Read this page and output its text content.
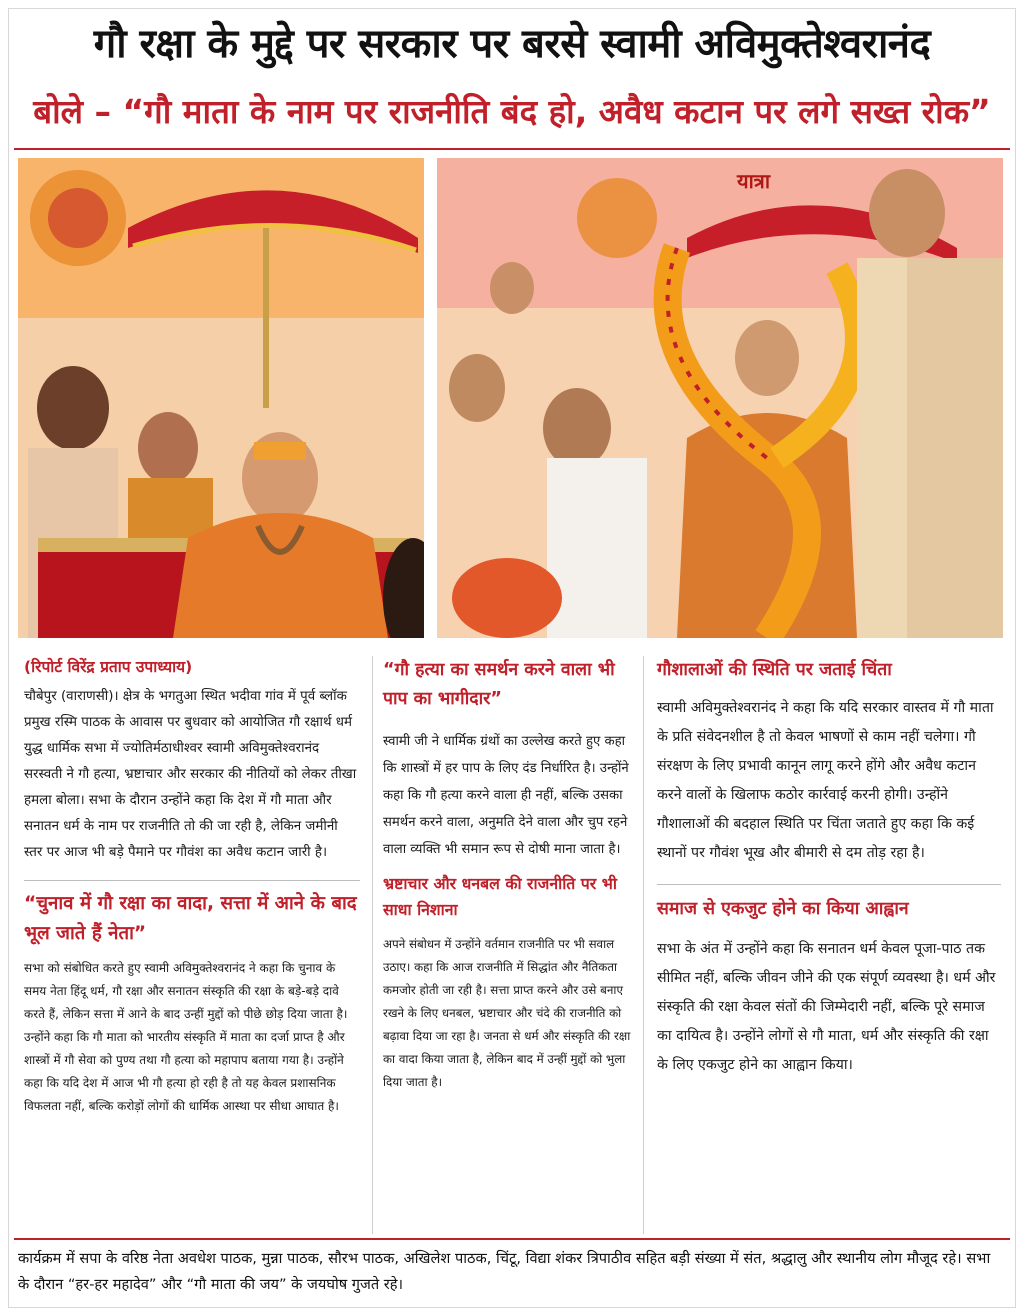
गौ रक्षा के मुद्दे पर सरकार पर बरसे स्वामी अविमुक्तेश्वरानंद
बोले – “गौ माता के नाम पर राजनीति बंद हो, अवैध कटान पर लगे सख्त रोक”
यात्रा
(रिपोर्ट विरेंद्र प्रताप उपाध्याय)

चौबेपुर (वाराणसी)। क्षेत्र के भगतुआ स्थित भदीवा गांव में पूर्व ब्लॉक प्रमुख रस्मि पाठक के आवास पर बुधवार को आयोजित गौ रक्षार्थ धर्म युद्ध धार्मिक सभा में ज्योतिर्मठाधीश्वर स्वामी अविमुक्तेश्वरानंद सरस्वती ने गौ हत्या, भ्रष्टाचार और सरकार की नीतियों को लेकर तीखा हमला बोला। सभा के दौरान उन्होंने कहा कि देश में गौ माता और सनातन धर्म के नाम पर राजनीति तो की जा रही है, लेकिन जमीनी स्तर पर आज भी बड़े पैमाने पर गौवंश का अवैध कटान जारी है।

“चुनाव में गौ रक्षा का वादा, सत्ता में आने के बाद भूल जाते हैं नेता”

सभा को संबोधित करते हुए स्वामी अविमुक्तेश्वरानंद ने कहा कि चुनाव के समय नेता हिंदू धर्म, गौ रक्षा और सनातन संस्कृति की रक्षा के बड़े-बड़े दावे करते हैं, लेकिन सत्ता में आने के बाद उन्हीं मुद्दों को पीछे छोड़ दिया जाता है। उन्होंने कहा कि गौ माता को भारतीय संस्कृति में माता का दर्जा प्राप्त है और शास्त्रों में गौ सेवा को पुण्य तथा गौ हत्या को महापाप बताया गया है। उन्होंने कहा कि यदि देश में आज भी गौ हत्या हो रही है तो यह केवल प्रशासनिक विफलता नहीं, बल्कि करोड़ों लोगों की धार्मिक आस्था पर सीधा आघात है।

“गौ हत्या का समर्थन करने वाला भी पाप का भागीदार”

स्वामी जी ने धार्मिक ग्रंथों का उल्लेख करते हुए कहा कि शास्त्रों में हर पाप के लिए दंड निर्धारित है। उन्होंने कहा कि गौ हत्या करने वाला ही नहीं, बल्कि उसका समर्थन करने वाला, अनुमति देने वाला और चुप रहने वाला व्यक्ति भी समान रूप से दोषी माना जाता है।

भ्रष्टाचार और धनबल की राजनीति पर भी साधा निशाना

अपने संबोधन में उन्होंने वर्तमान राजनीति पर भी सवाल उठाए। कहा कि आज राजनीति में सिद्धांत और नैतिकता कमजोर होती जा रही है। सत्ता प्राप्त करने और उसे बनाए रखने के लिए धनबल, भ्रष्टाचार और चंदे की राजनीति को बढ़ावा दिया जा रहा है। जनता से धर्म और संस्कृति की रक्षा का वादा किया जाता है, लेकिन बाद में उन्हीं मुद्दों को भुला दिया जाता है।

गौशालाओं की स्थिति पर जताई चिंता

स्वामी अविमुक्तेश्वरानंद ने कहा कि यदि सरकार वास्तव में गौ माता के प्रति संवेदनशील है तो केवल भाषणों से काम नहीं चलेगा। गौ संरक्षण के लिए प्रभावी कानून लागू करने होंगे और अवैध कटान करने वालों के खिलाफ कठोर कार्रवाई करनी होगी। उन्होंने गौशालाओं की बदहाल स्थिति पर चिंता जताते हुए कहा कि कई स्थानों पर गौवंश भूख और बीमारी से दम तोड़ रहा है।

समाज से एकजुट होने का किया आह्वान

सभा के अंत में उन्होंने कहा कि सनातन धर्म केवल पूजा-पाठ तक सीमित नहीं, बल्कि जीवन जीने की एक संपूर्ण व्यवस्था है। धर्म और संस्कृति की रक्षा केवल संतों की जिम्मेदारी नहीं, बल्कि पूरे समाज का दायित्व है। उन्होंने लोगों से गौ माता, धर्म और संस्कृति की रक्षा के लिए एकजुट होने का आह्वान किया।

कार्यक्रम में सपा के वरिष्ठ नेता अवधेश पाठक, मुन्ना पाठक, सौरभ पाठक, अखिलेश पाठक, चिंटू, विद्या शंकर त्रिपाठीव सहित बड़ी संख्या में संत, श्रद्धालु और स्थानीय लोग मौजूद रहे। सभा के दौरान “हर-हर महादेव” और “गौ माता की जय” के जयघोष गुजते रहे।
